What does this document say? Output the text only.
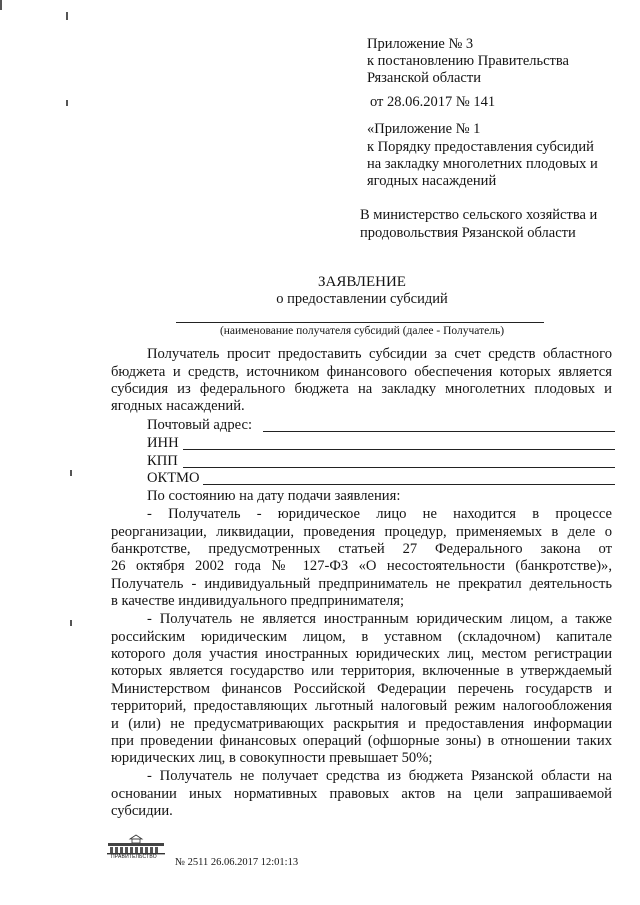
Приложение № 3
к постановлению Правительства
Рязанской области
от 28.06.2017 № 141
«Приложение № 1
к Порядку предоставления субсидий
на закладку многолетних плодовых и
ягодных насаждений
В министерство сельского хозяйства и
продовольствия Рязанской области
ЗАЯВЛЕНИЕ
о предоставлении субсидий
(наименование получателя субсидий (далее - Получатель)
Получатель просит предоставить субсидии за счет средств областного
бюджета и средств, источником финансового обеспечения которых является
субсидия из федерального бюджета на закладку многолетних плодовых и
ягодных насаждений.
Почтовый адрес:
ИНН
КПП
ОКТМО
По состоянию на дату подачи заявления:
- Получатель - юридическое лицо не находится в процессе
реорганизации, ликвидации, проведения процедур, применяемых в деле о
банкротстве, предусмотренных статьей 27 Федерального закона от
26 октября 2002 года № 127-ФЗ «О несостоятельности (банкротстве)»,
Получатель - индивидуальный предприниматель не прекратил деятельность
в качестве индивидуального предпринимателя;
- Получатель не является иностранным юридическим лицом, а также
российским юридическим лицом, в уставном (складочном) капитале
которого доля участия иностранных юридических лиц, местом регистрации
которых является государство или территория, включенные в утверждаемый
Министерством финансов Российской Федерации перечень государств и
территорий, предоставляющих льготный налоговый режим налогообложения
и (или) не предусматривающих раскрытия и предоставления информации
при проведении финансовых операций (офшорные зоны) в отношении таких
юридических лиц, в совокупности превышает 50%;
- Получатель не получает средства из бюджета Рязанской области на
основании иных нормативных правовых актов на цели запрашиваемой
субсидии.
ПРАВИТЕЛЬСТВО № 2511 26.06.2017 12:01:13
